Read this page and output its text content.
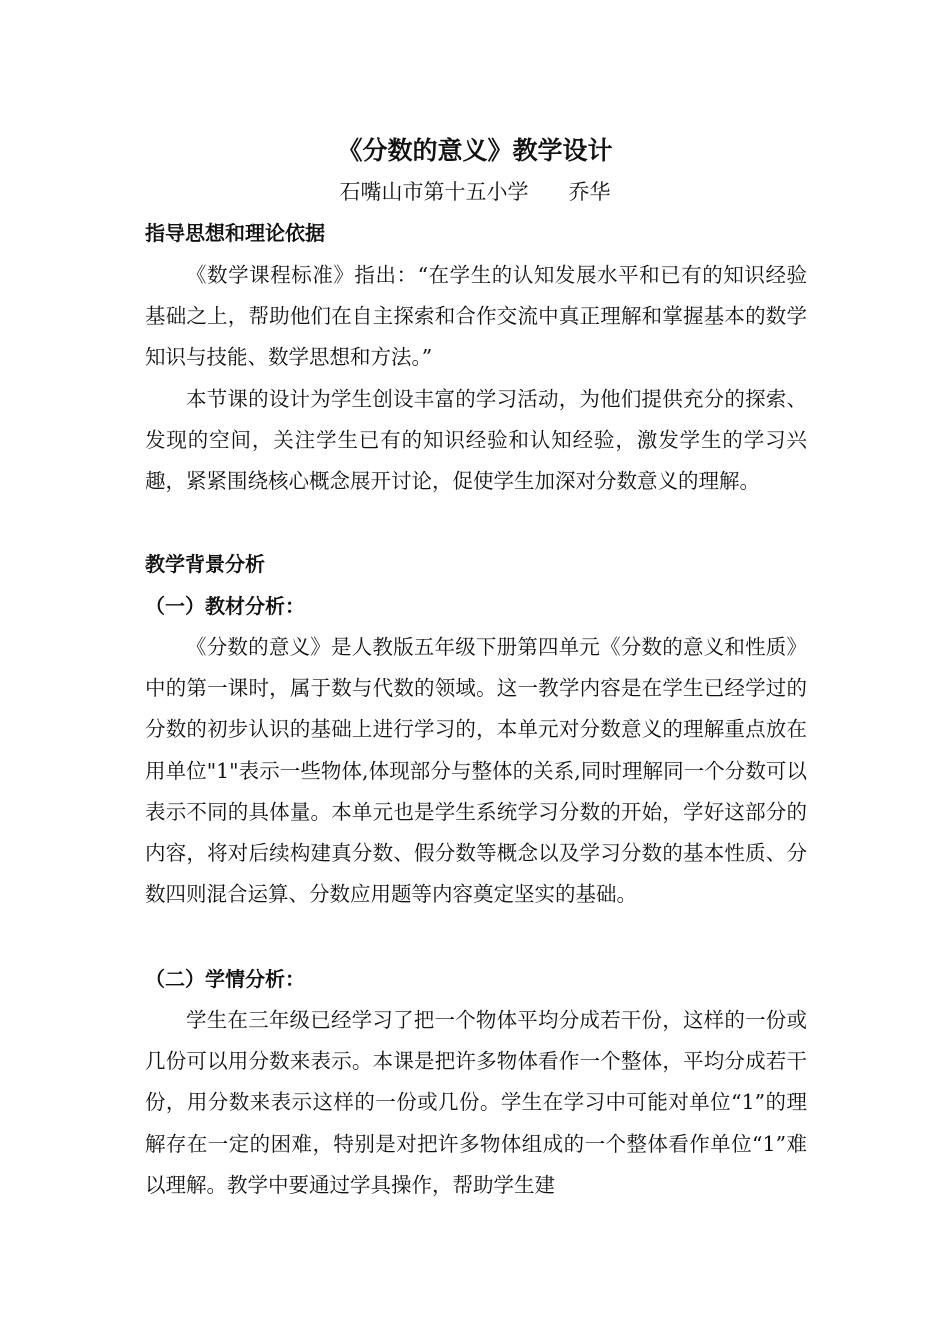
《分数的意义》教学设计

石嘴山市第十五小学      乔华

指导思想和理论依据

《数学课程标准》指出：“在学生的认知发展水平和已有的知识经验基础之上，帮助他们在自主探索和合作交流中真正理解和掌握基本的数学知识与技能、数学思想和方法。”

本节课的设计为学生创设丰富的学习活动，为他们提供充分的探索、发现的空间，关注学生已有的知识经验和认知经验，激发学生的学习兴趣，紧紧围绕核心概念展开讨论，促使学生加深对分数意义的理解。

教学背景分析
（一）教材分析：

《分数的意义》是人教版五年级下册第四单元《分数的意义和性质》中的第一课时，属于数与代数的领域。这一教学内容是在学生已经学过的分数的初步认识的基础上进行学习的，本单元对分数意义的理解重点放在用单位"1"表示一些物体,体现部分与整体的关系,同时理解同一个分数可以表示不同的具体量。本单元也是学生系统学习分数的开始，学好这部分的内容，将对后续构建真分数、假分数等概念以及学习分数的基本性质、分数四则混合运算、分数应用题等内容奠定坚实的基础。

（二）学情分析：

学生在三年级已经学习了把一个物体平均分成若干份，这样的一份或几份可以用分数来表示。本课是把许多物体看作一个整体，平均分成若干份，用分数来表示这样的一份或几份。学生在学习中可能对单位“1”的理解存在一定的困难，特别是对把许多物体组成的一个整体看作单位“1”难以理解。教学中要通过学具操作，帮助学生建
